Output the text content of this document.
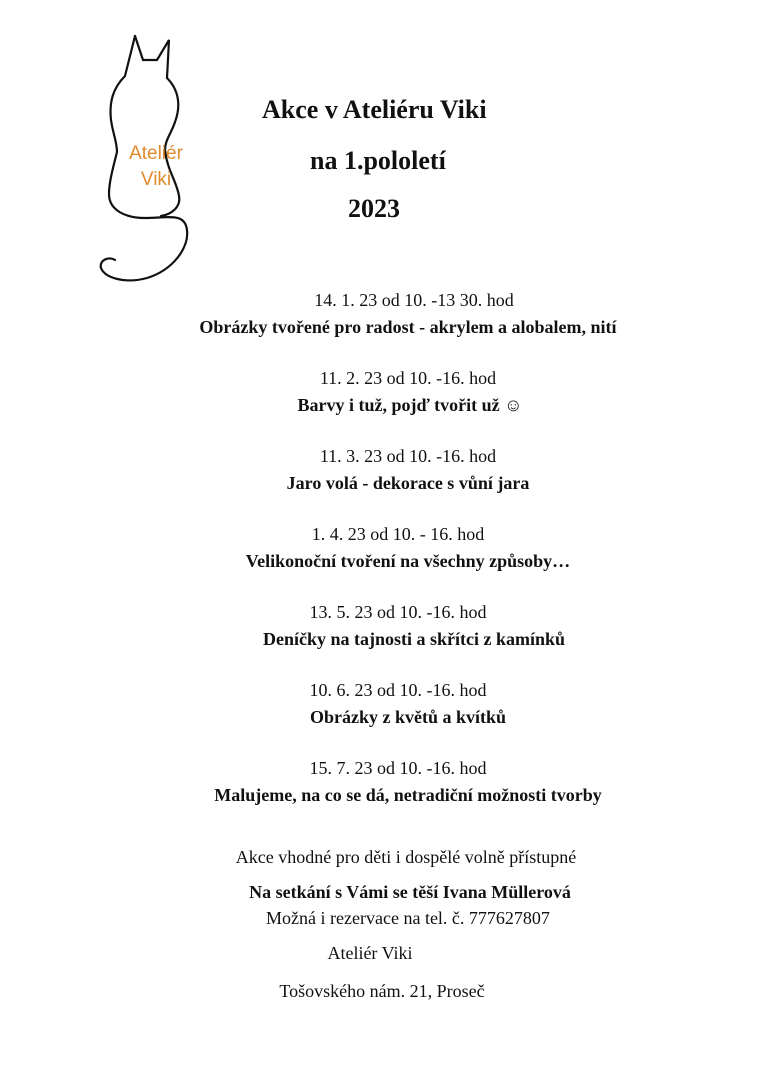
Ateliér
Viki
Akce v Ateliéru Viki
na 1.pololetí
2023
14. 1. 23 od 10. -13 30. hod
Obrázky tvořené pro radost - akrylem a alobalem, nití
11. 2. 23 od 10. -16. hod
Barvy i tuž, pojď tvořit už ☺
11. 3. 23 od 10. -16. hod
Jaro volá - dekorace s vůní jara
1. 4. 23 od 10. - 16. hod
Velikonoční tvoření na všechny způsoby…
13. 5. 23 od 10. -16. hod
Deníčky na tajnosti a skřítci z kamínků
10. 6. 23 od 10. -16. hod
Obrázky z květů a kvítků
15. 7. 23 od 10. -16. hod
Malujeme, na co se dá, netradiční možnosti tvorby
Akce vhodné pro děti i dospělé volně přístupné
Na setkání s Vámi se těší Ivana Müllerová
Možná i rezervace na tel. č. 777627807
Ateliér Viki
Tošovského nám. 21, Proseč
